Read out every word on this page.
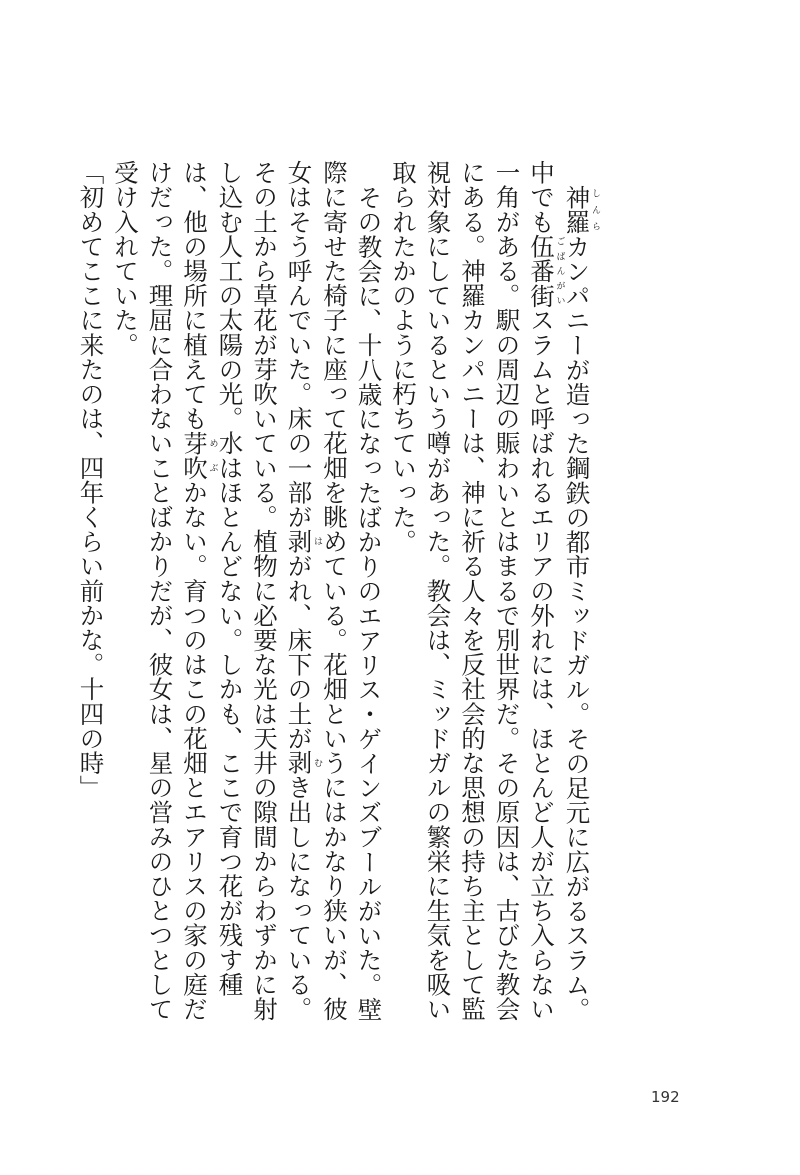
神羅しんらカンパニーが造った鋼鉄の都市ミッドガル。その足元に広がるスラム。中でも伍番街ごばんがいスラムと呼ばれるエリアの外れには、ほとんど人が立ち入らない一角がある。駅の周辺の賑わいとはまるで別世界だ。その原因は、古びた教会にある。神羅カンパニーは、神に祈る人々を反社会的な思想の持ち主として監視対象にしているという噂があった。教会は、ミッドガルの繁栄に生気を吸い取られたかのように朽ちていった。

その教会に、十八歳になったばかりのエアリス・ゲインズブールがいた。壁際に寄せた椅子に座って花畑を眺めている。花畑というにはかなり狭いが、彼女はそう呼んでいた。床の一部が剥はがれ、床下の土が剥むき出しになっている。その土から草花が芽吹いている。植物に必要な光は天井の隙間からわずかに射し込む人工の太陽の光。水はほとんどない。しかも、ここで育つ花が残す種は、他の場所に植えても芽吹めぶかない。育つのはこの花畑とエアリスの家の庭だけだった。理屈に合わないことばかりだが、彼女は、星の営みのひとつとして受け入れていた。

「初めてここに来たのは、四年くらい前かな。十四の時」

192
